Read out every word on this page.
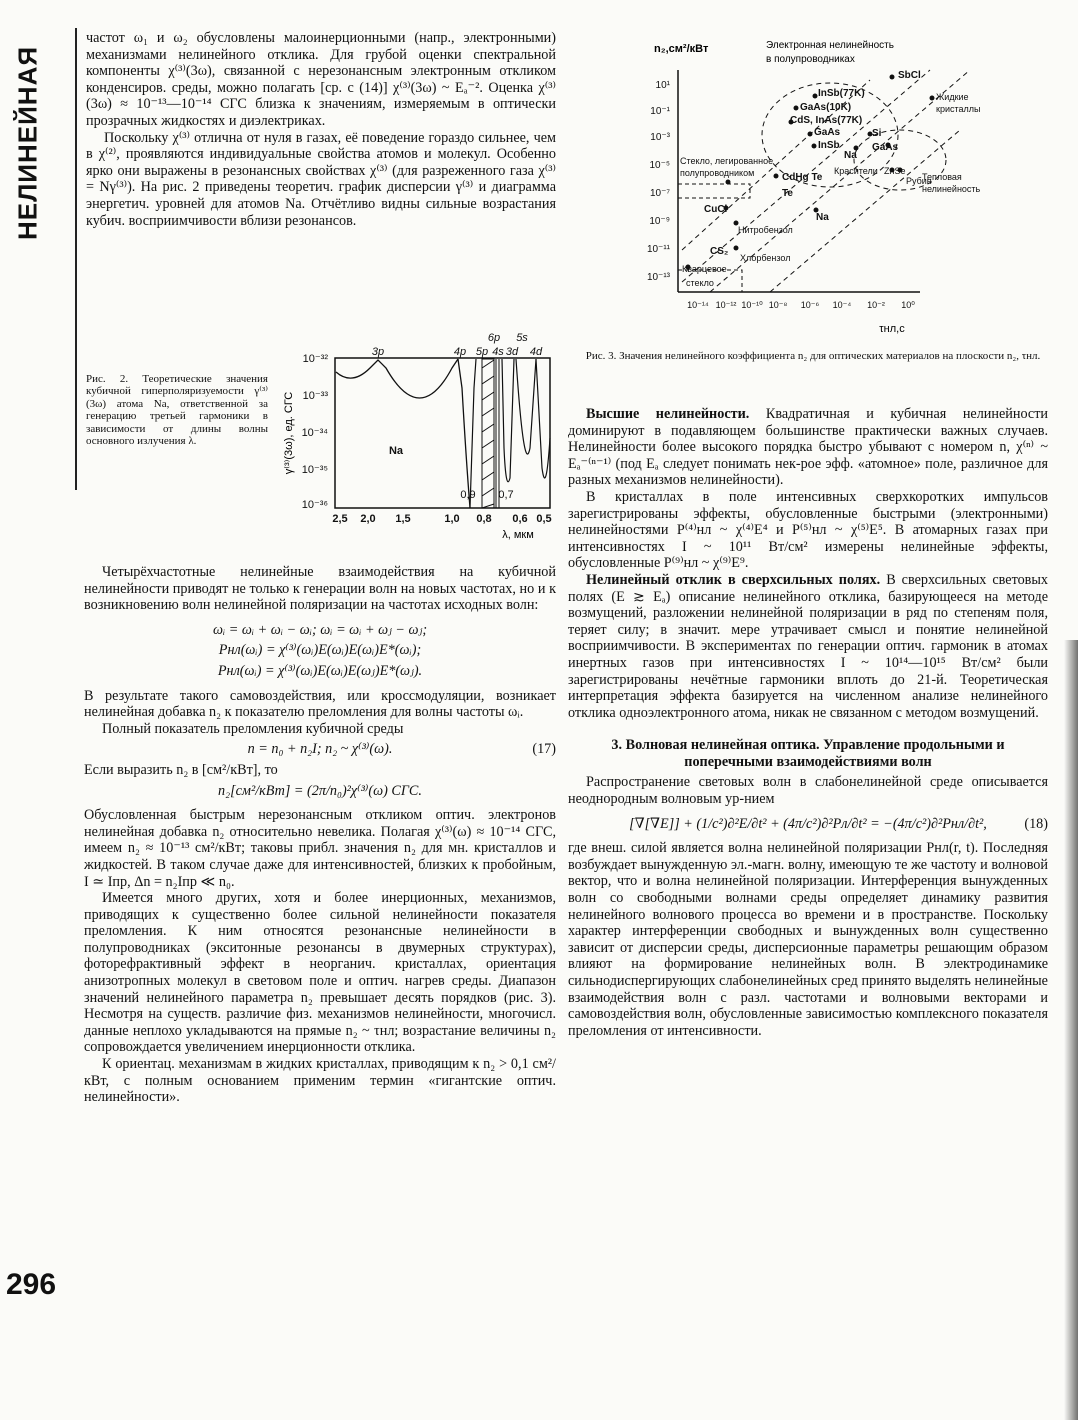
НЕЛИНЕЙНАЯ
296

частот ω₁ и ω₂ обусловлены малоинерционными (напр., электронными) механизмами нелинейного отклика. Для грубой оценки спектральной компоненты χ⁽³⁾(3ω), связанной с нерезонансным электронным откликом конденсиров. среды, можно полагать [ср. с (14)] χ⁽³⁾(3ω) ~ Eₐ⁻². Оценка χ⁽³⁾(3ω) ≈ 10⁻¹³—10⁻¹⁴ СГС близка к значениям, измеряемым в оптически прозрачных жидкостях и диэлектриках.

Поскольку χ⁽³⁾ отлична от нуля в газах, её поведение гораздо сильнее, чем в χ⁽²⁾, проявляются индивидуальные свойства атомов и молекул. Особенно ярко они выражены в резонансных свойствах χ⁽³⁾ (для разреженного газа χ⁽³⁾ = Nγ⁽³⁾). На рис. 2 приведены теоретич. график дисперсии γ⁽³⁾ и диаграмма энергетич. уровней для атомов Na. Отчётливо видны сильные возрастания кубич. восприимчивости вблизи резонансов.

Рис. 2. Теоретические значения кубичной гиперполяризуемости γ⁽³⁾(3ω) атома Na, ответственной за генерацию третьей гармоники в зависимости от длины волны основного излучения λ.
10⁻³²
10⁻³³
10⁻³⁴
10⁻³⁵
10⁻³⁶
γ⁽³⁾(3ω), ед. СГС
2,5 2,0 1,5	1,0 0,8 0,6 0,5
λ, мкм
3p	4p 5p 4s 3d 4d
6p 5s
Na
0,9 0,7

Четырёхчастотные нелинейные взаимодействия на кубичной нелинейности приводят не только к генерации волн на новых частотах, но и к возникновению волн нелинейной поляризации на частотах исходных волн:

ωᵢ = ωᵢ + ωᵢ − ωᵢ; ωᵢ = ωᵢ + ωⱼ − ωⱼ;
Pнл(ωᵢ) = χ⁽³⁾(ωᵢ)E(ωᵢ)E(ωᵢ)E*(ωᵢ);
Pнл(ωᵢ) = χ⁽³⁾(ωᵢ)E(ωᵢ)E(ωⱼ)E*(ωⱼ).

В результате такого самовоздействия, или кроссмодуляции, возникает нелинейная добавка n₂ к показателю преломления для волны частоты ωᵢ.

Полный показатель преломления кубичной среды

n = n₀ + n₂I; n₂ ~ χ⁽³⁾(ω).	(17)

Если выразить n₂ в [см²/кВт], то

n₂[см²/кВт] = (2π/n₀)²χ⁽³⁾(ω) СГС.

Обусловленная быстрым нерезонансным откликом оптич. электронов нелинейная добавка n₂ относительно невелика. Полагая χ⁽³⁾(ω) ≈ 10⁻¹⁴ СГС, имеем n₂ ≈ 10⁻¹³ см²/кВт; таковы прибл. значения n₂ для мн. кристаллов и жидкостей. В таком случае даже для интенсивностей, близких к пробойным, I ≃ Iпр, Δn = n₂Iпр ≪ n₀.

Имеется много других, хотя и более инерционных, механизмов, приводящих к существенно более сильной нелинейности показателя преломления. К ним относятся резонансные нелинейности в полупроводниках (экситонные резонансы в двумерных структурах), фоторефрактивный эффект в неорганич. кристаллах, ориентация анизотропных молекул в световом поле и оптич. нагрев среды. Диапазон значений нелинейного параметра n₂ превышает десять порядков (рис. 3). Несмотря на существ. различие физ. механизмов нелинейности, многочисл. данные неплохо укладываются на прямые n₂ ~ τнл; возрастание величины n₂ сопровождается увеличением инерционности отклика.

К ориентац. механизмам в жидких кристаллах, приводящим к n₂ > 0,1 см²/кВт, с полным основанием применим термин «гигантские оптич. нелинейности».

n₂,см²/кВт	Электронная нелинейность
в полупроводниках
10¹
10⁻¹
10⁻³
10⁻⁵
10⁻⁷
10⁻⁹
10⁻¹¹
10⁻¹³
10⁻¹⁴ 10⁻¹² 10⁻¹⁰ 10⁻⁸ 10⁻⁶ 10⁻⁴ 10⁻² 10⁰
τнл,с
SbCl
InSb(77K)
GaAs(10K)
CdS, InAs(77K)
GaAs
InSb
Si
Na
GaAs
Стекло, легированное
полупроводником	CdHg Te
Te
CuCl
Na
Нитробензол
CS₂
Хлорбензол
Кварцевое
стекло
Жидкие
кристаллы
Тепловая
нелинейность
Красители ZnSe
Рубин
Рис. 3. Значения нелинейного коэффициента n₂ для оптических материалов на плоскости n₂, τнл.

Высшие нелинейности. Квадратичная и кубичная нелинейности доминируют в подавляющем большинстве практически важных случаев. Нелинейности более высокого порядка быстро убывают с номером n, χ⁽ⁿ⁾ ~ Eₐ⁻⁽ⁿ⁻¹⁾ (под Eₐ следует понимать нек-рое эфф. «атомное» поле, различное для разных механизмов нелинейности).

В кристаллах в поле интенсивных сверхкоротких импульсов зарегистрированы эффекты, обусловленные быстрыми (электронными) нелинейностями P⁽⁴⁾нл ~ χ⁽⁴⁾E⁴ и P⁽⁵⁾нл ~ χ⁽⁵⁾E⁵. В атомарных газах при интенсивностях I ~ 10¹¹ Вт/см² измерены нелинейные эффекты, обусловленные P⁽⁹⁾нл ~ χ⁽⁹⁾E⁹.

Нелинейный отклик в сверхсильных полях. В сверхсильных световых полях (E ≳ Eₐ) описание нелинейного отклика, базирующееся на методе возмущений, разложении нелинейной поляризации в ряд по степеням поля, теряет силу; в значит. мере утрачивает смысл и понятие нелинейной восприимчивости. В экспериментах по генерации оптич. гармоник в атомах инертных газов при интенсивностях I ~ 10¹⁴—10¹⁵ Вт/см² были зарегистрированы нечётные гармоники вплоть до 21-й. Теоретическая интерпретация эффекта базируется на численном анализе нелинейного отклика одноэлектронного атома, никак не связанном с методом возмущений.

3. Волновая нелинейная оптика. Управление продольными и поперечными взаимодействиями волн

Распространение световых волн в слабонелинейной среде описывается неоднородным волновым ур-нием

[∇[∇E]] + (1/c²)∂²E/∂t² + (4π/c²)∂²Pл/∂t² = −(4π/c²)∂²Pнл/∂t²,	(18)

где внеш. силой является волна нелинейной поляризации Pнл(r, t). Последняя возбуждает вынужденную эл.-магн. волну, имеющую те же частоту и волновой вектор, что и волна нелинейной поляризации. Интерференция вынужденных волн со свободными волнами среды определяет динамику развития нелинейного волнового процесса во времени и в пространстве. Поскольку характер интерференции свободных и вынужденных волн существенно зависит от дисперсии среды, дисперсионные параметры решающим образом влияют на формирование нелинейных волн. В электродинамике сильнодиспергирующих слабонелинейных сред принято выделять нелинейные взаимодействия волн с разл. частотами и волновыми векторами и самовоздействия волн, обусловленные зависимостью комплексного показателя преломления от интенсивности.
